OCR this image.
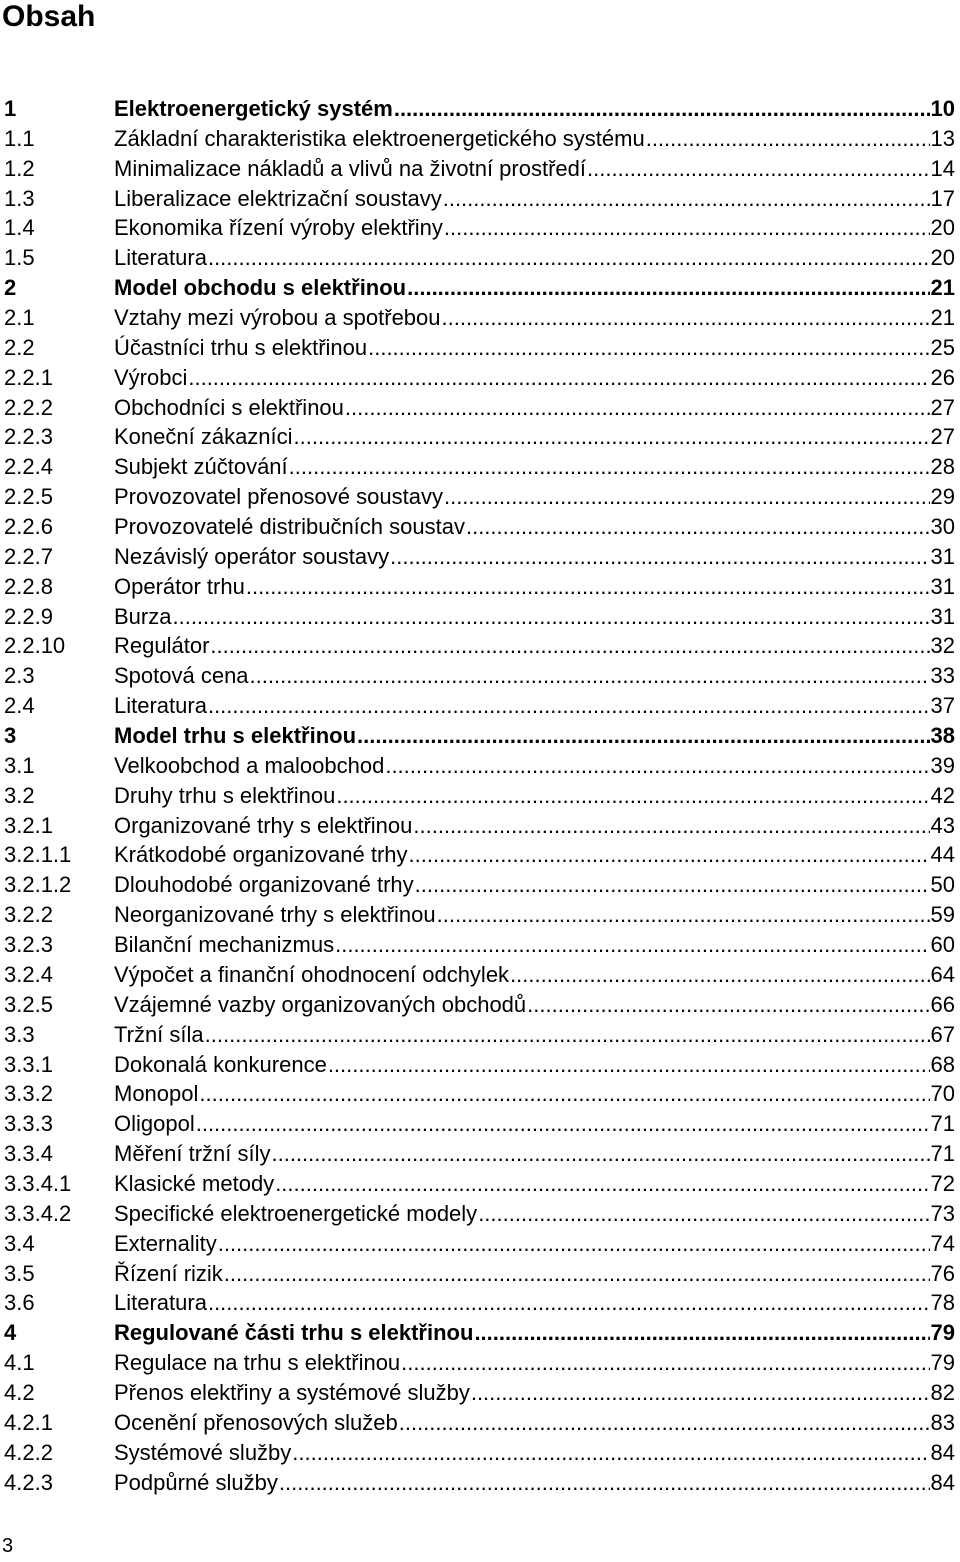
Obsah
1	Elektroenergetický systém .....	10
1.1	Základní charakteristika elektroenergetického systému .....	13
1.2	Minimalizace nákladů a vlivů na životní prostředí .....	14
1.3	Liberalizace elektrizační soustavy .....	17
1.4	Ekonomika řízení výroby elektřiny .....	20
1.5	Literatura .....	20
2	Model obchodu s elektřinou .....	21
2.1	Vztahy mezi výrobou a spotřebou .....	21
2.2	Účastníci trhu s elektřinou .....	25
2.2.1	Výrobci .....	26
2.2.2	Obchodníci s elektřinou .....	27
2.2.3	Koneční zákazníci .....	27
2.2.4	Subjekt zúčtování .....	28
2.2.5	Provozovatel přenosové soustavy .....	29
2.2.6	Provozovatelé distribučních soustav .....	30
2.2.7	Nezávislý operátor soustavy .....	31
2.2.8	Operátor trhu .....	31
2.2.9	Burza .....	31
2.2.10	Regulátor .....	32
2.3	Spotová cena .....	33
2.4	Literatura .....	37
3	Model trhu s elektřinou .....	38
3.1	Velkoobchod a maloobchod .....	39
3.2	Druhy trhu s elektřinou .....	42
3.2.1	Organizované trhy s elektřinou .....	43
3.2.1.1	Krátkodobé organizované trhy .....	44
3.2.1.2	Dlouhodobé organizované trhy .....	50
3.2.2	Neorganizované trhy s elektřinou .....	59
3.2.3	Bilanční mechanizmus .....	60
3.2.4	Výpočet a finanční ohodnocení odchylek .....	64
3.2.5	Vzájemné vazby organizovaných obchodů .....	66
3.3	Tržní síla .....	67
3.3.1	Dokonalá konkurence .....	68
3.3.2	Monopol .....	70
3.3.3	Oligopol .....	71
3.3.4	Měření tržní síly .....	71
3.3.4.1	Klasické metody .....	72
3.3.4.2	Specifické elektroenergetické modely .....	73
3.4	Externality .....	74
3.5	Řízení rizik .....	76
3.6	Literatura .....	78
4	Regulované části trhu s elektřinou .....	79
4.1	Regulace na trhu s elektřinou .....	79
4.2	Přenos elektřiny a systémové služby .....	82
4.2.1	Ocenění přenosových služeb .....	83
4.2.2	Systémové služby .....	84
4.2.3	Podpůrné služby .....	84
3
